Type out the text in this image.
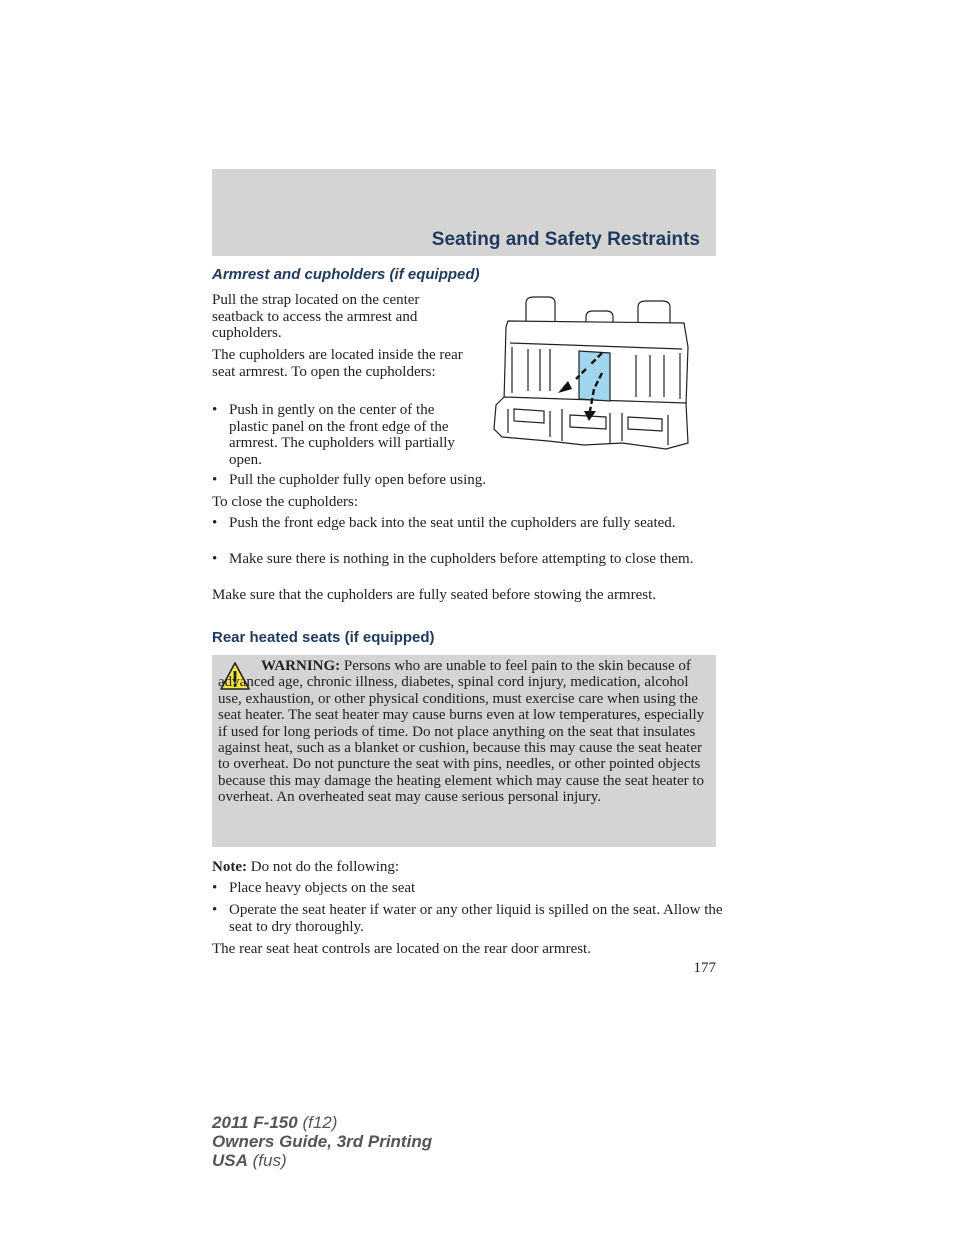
Seating and Safety Restraints
Armrest and cupholders (if equipped)
Pull the strap located on the center seatback to access the armrest and cupholders.
The cupholders are located inside the rear seat armrest. To open the cupholders:
• Push in gently on the center of the plastic panel on the front edge of the armrest. The cupholders will partially open.
• Pull the cupholder fully open before using.
To close the cupholders:
• Push the front edge back into the seat until the cupholders are fully seated.
• Make sure there is nothing in the cupholders before attempting to close them.
Make sure that the cupholders are fully seated before stowing the armrest.
Rear heated seats (if equipped)
WARNING: Persons who are unable to feel pain to the skin because of advanced age, chronic illness, diabetes, spinal cord injury, medication, alcohol use, exhaustion, or other physical conditions, must exercise care when using the seat heater. The seat heater may cause burns even at low temperatures, especially if used for long periods of time. Do not place anything on the seat that insulates against heat, such as a blanket or cushion, because this may cause the seat heater to overheat. Do not puncture the seat with pins, needles, or other pointed objects because this may damage the heating element which may cause the seat heater to overheat. An overheated seat may cause serious personal injury.
Note: Do not do the following:
• Place heavy objects on the seat
• Operate the seat heater if water or any other liquid is spilled on the seat. Allow the seat to dry thoroughly.
The rear seat heat controls are located on the rear door armrest.
177
2011 F-150 (f12)
Owners Guide, 3rd Printing
USA (fus)
